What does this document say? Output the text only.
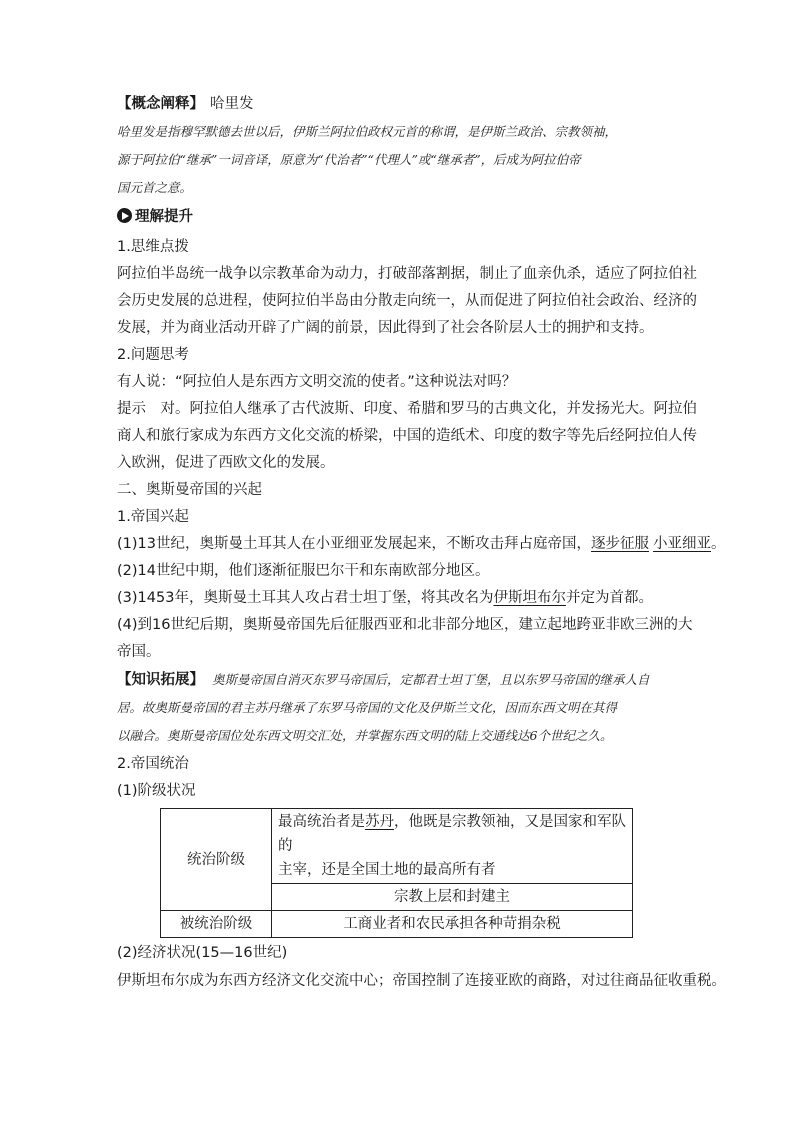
【概念阐释】 哈里发
哈里发是指穆罕默德去世以后，伊斯兰阿拉伯政权元首的称谓，是伊斯兰政治、宗教领袖，
源于阿拉伯“继承”一词音译，原意为“代治者”“代理人”或“继承者”，后成为阿拉伯帝
国元首之意。
理解提升
1.思维点拨
阿拉伯半岛统一战争以宗教革命为动力，打破部落割据，制止了血亲仇杀，适应了阿拉伯社
会历史发展的总进程，使阿拉伯半岛由分散走向统一，从而促进了阿拉伯社会政治、经济的
发展，并为商业活动开辟了广阔的前景，因此得到了社会各阶层人士的拥护和支持。
2.问题思考
有人说：“阿拉伯人是东西方文明交流的使者。”这种说法对吗？
提示　对。阿拉伯人继承了古代波斯、印度、希腊和罗马的古典文化，并发扬光大。阿拉伯
商人和旅行家成为东西方文化交流的桥梁，中国的造纸术、印度的数字等先后经阿拉伯人传
入欧洲，促进了西欧文化的发展。
二、奥斯曼帝国的兴起
1.帝国兴起
(1)13世纪，奥斯曼土耳其人在小亚细亚发展起来，不断攻击拜占庭帝国，逐步征服 小亚细亚。
(2)14世纪中期，他们逐渐征服巴尔干和东南欧部分地区。
(3)1453年，奥斯曼土耳其人攻占君士坦丁堡，将其改名为伊斯坦布尔并定为首都。
(4)到16世纪后期，奥斯曼帝国先后征服西亚和北非部分地区，建立起地跨亚非欧三洲的大
帝国。
【知识拓展】 奥斯曼帝国自消灭东罗马帝国后，定都君士坦丁堡，且以东罗马帝国的继承人自
居。故奥斯曼帝国的君主苏丹继承了东罗马帝国的文化及伊斯兰文化，因而东西文明在其得
以融合。奥斯曼帝国位处东西文明交汇处，并掌握东西文明的陆上交通线达6个世纪之久。
2.帝国统治
(1)阶级状况
统治阶级	最高统治者是苏丹，他既是宗教领袖，又是国家和军队的
主宰，还是全国土地的最高所有者
	宗教上层和封建主
被统治阶级	工商业者和农民承担各种苛捐杂税
(2)经济状况(15—16世纪)
伊斯坦布尔成为东西方经济文化交流中心；帝国控制了连接亚欧的商路，对过往商品征收重税。
